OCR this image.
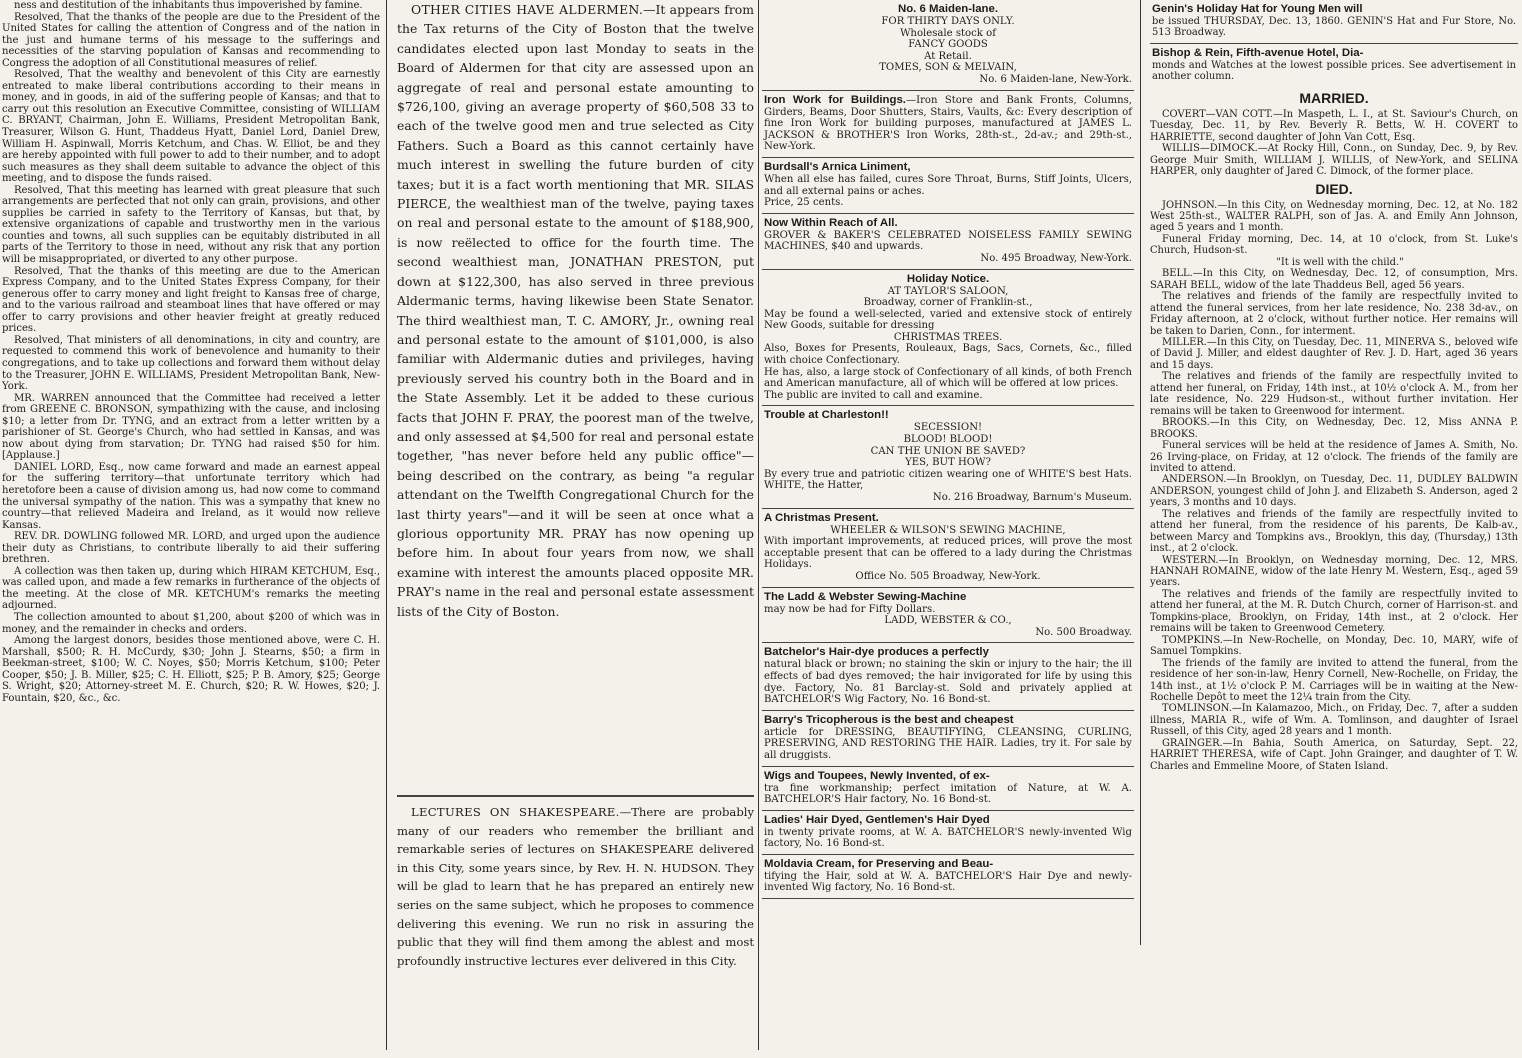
ness and destitution of the inhabitants thus impoverished by famine.

Resolved, That the thanks of the people are due to the President of the United States for calling the attention of Congress and of the nation in the just and humane terms of his message to the sufferings and necessities of the starving population of Kansas and recommending to Congress the adoption of all Constitutional measures of relief.

Resolved, That the wealthy and benevolent of this City are earnestly entreated to make liberal contributions according to their means in money, and in goods, in aid of the suffering people of Kansas; and that to carry out this resolution an Executive Committee, consisting of WILLIAM C. BRYANT, Chairman, John E. Williams, President Metropolitan Bank, Treasurer, Wilson G. Hunt, Thaddeus Hyatt, Daniel Lord, Daniel Drew, William H. Aspinwall, Morris Ketchum, and Chas. W. Elliot, be and they are hereby appointed with full power to add to their number, and to adopt such measures as they shall deem suitable to advance the object of this meeting, and to dispose the funds raised.

Resolved, That this meeting has learned with great pleasure that such arrangements are perfected that not only can grain, provisions, and other supplies be carried in safety to the Territory of Kansas, but that, by extensive organizations of capable and trustworthy men in the various counties and towns, all such supplies can be equitably distributed in all parts of the Territory to those in need, without any risk that any portion will be misappropriated, or diverted to any other purpose.

Resolved, That the thanks of this meeting are due to the American Express Company, and to the United States Express Company, for their generous offer to carry money and light freight to Kansas free of charge, and to the various railroad and steamboat lines that have offered or may offer to carry provisions and other heavier freight at greatly reduced prices.

Resolved, That ministers of all denominations, in city and country, are requested to commend this work of benevolence and humanity to their congregations, and to take up collections and forward them without delay to the Treasurer, JOHN E. WILLIAMS, President Metropolitan Bank, New-York.

MR. WARREN announced that the Committee had received a letter from GREENE C. BRONSON, sympathizing with the cause, and inclosing $10; a letter from Dr. TYNG, and an extract from a letter written by a parishioner of St. George's Church, who had settled in Kansas, and was now about dying from starvation; Dr. TYNG had raised $50 for him. [Applause.]

DANIEL LORD, Esq., now came forward and made an earnest appeal for the suffering territory—that unfortunate territory which had heretofore been a cause of division among us, had now come to command the universal sympathy of the nation. This was a sympathy that knew no country—that relieved Madeira and Ireland, as it would now relieve Kansas.

REV. DR. DOWLING followed MR. LORD, and urged upon the audience their duty as Christians, to contribute liberally to aid their suffering brethren.

A collection was then taken up, during which HIRAM KETCHUM, Esq., was called upon, and made a few remarks in furtherance of the objects of the meeting. At the close of MR. KETCHUM's remarks the meeting adjourned.

The collection amounted to about $1,200, about $200 of which was in money, and the remainder in checks and orders.

Among the largest donors, besides those mentioned above, were C. H. Marshall, $500; R. H. McCurdy, $30; John J. Stearns, $50; a firm in Beekman-street, $100; W. C. Noyes, $50; Morris Ketchum, $100; Peter Cooper, $50; J. B. Miller, $25; C. H. Elliott, $25; P. B. Amory, $25; George S. Wright, $20; Attorney-street M. E. Church, $20; R. W. Howes, $20; J. Fountain, $20, &c., &c.

OTHER CITIES HAVE ALDERMEN.—It appears from the Tax returns of the City of Boston that the twelve candidates elected upon last Monday to seats in the Board of Aldermen for that city are assessed upon an aggregate of real and personal estate amounting to $726,100, giving an average property of $60,508 33 to each of the twelve good men and true selected as City Fathers. Such a Board as this cannot certainly have much interest in swelling the future burden of city taxes; but it is a fact worth mentioning that MR. SILAS PIERCE, the wealthiest man of the twelve, paying taxes on real and personal estate to the amount of $188,900, is now reëlected to office for the fourth time. The second wealthiest man, JONATHAN PRESTON, put down at $122,300, has also served in three previous Aldermanic terms, having likewise been State Senator. The third wealthiest man, T. C. AMORY, Jr., owning real and personal estate to the amount of $101,000, is also familiar with Aldermanic duties and privileges, having previously served his country both in the Board and in the State Assembly. Let it be added to these curious facts that JOHN F. PRAY, the poorest man of the twelve, and only assessed at $4,500 for real and personal estate together, "has never before held any public office"—being described on the contrary, as being "a regular attendant on the Twelfth Congregational Church for the last thirty years"—and it will be seen at once what a glorious opportunity MR. PRAY has now opening up before him. In about four years from now, we shall examine with interest the amounts placed opposite MR. PRAY's name in the real and personal estate assessment lists of the City of Boston.

LECTURES ON SHAKESPEARE.—There are probably many of our readers who remember the brilliant and remarkable series of lectures on SHAKESPEARE delivered in this City, some years since, by Rev. H. N. HUDSON. They will be glad to learn that he has prepared an entirely new series on the same subject, which he proposes to commence delivering this evening. We run no risk in assuring the public that they will find them among the ablest and most profoundly instructive lectures ever delivered in this City.

No. 6 Maiden-lane.
FOR THIRTY DAYS ONLY.
Wholesale stock of
FANCY GOODS
At Retail.
TOMES, SON & MELVAIN,
No. 6 Maiden-lane, New-York.

Iron Work for Buildings.—Iron Store and Bank Fronts, Columns, Girders, Beams, Door Shutters, Stairs, Vaults, &c: Every description of fine Iron Work for building purposes, manufactured at JAMES L. JACKSON & BROTHER'S Iron Works, 28th-st., 2d-av.; and 29th-st., New-York.

Burdsall's Arnica Liniment,

When all else has failed, cures Sore Throat, Burns, Stiff Joints, Ulcers, and all external pains or aches.

Price, 25 cents.
Now Within Reach of All.

GROVER & BAKER'S CELEBRATED NOISELESS FAMILY SEWING MACHINES, $40 and upwards.

No. 495 Broadway, New-York.
Holiday Notice.
AT TAYLOR'S SALOON,
Broadway, corner of Franklin-st.,

May be found a well-selected, varied and extensive stock of entirely New Goods, suitable for dressing

CHRISTMAS TREES.

Also, Boxes for Presents, Rouleaux, Bags, Sacs, Cornets, &c., filled with choice Confectionary.

He has, also, a large stock of Confectionary of all kinds, of both French and American manufacture, all of which will be offered at low prices.

The public are invited to call and examine.

Trouble at Charleston!!
SECESSION!
BLOOD! BLOOD!
CAN THE UNION BE SAVED?
YES, BUT HOW?

By every true and patriotic citizen wearing one of WHITE'S best Hats. WHITE, the Hatter,

No. 216 Broadway, Barnum's Museum.
A Christmas Present.
WHEELER & WILSON'S SEWING MACHINE,

With important improvements, at reduced prices, will prove the most acceptable present that can be offered to a lady during the Christmas Holidays.

Office No. 505 Broadway, New-York.
The Ladd & Webster Sewing-Machine
may now be had for Fifty Dollars.
LADD, WEBSTER & CO.,
No. 500 Broadway.
Batchelor's Hair-dye produces a perfectly

natural black or brown; no staining the skin or injury to the hair; the ill effects of bad dyes removed; the hair invigorated for life by using this dye. Factory, No. 81 Barclay-st. Sold and privately applied at BATCHELOR'S Wig Factory, No. 16 Bond-st.

Barry's Tricopherous is the best and cheapest

article for DRESSING, BEAUTIFYING, CLEANSING, CURLING, PRESERVING, AND RESTORING THE HAIR. Ladies, try it. For sale by all druggists.

Wigs and Toupees, Newly Invented, of ex-

tra fine workmanship; perfect imitation of Nature, at W. A. BATCHELOR'S Hair factory, No. 16 Bond-st.

Ladies' Hair Dyed, Gentlemen's Hair Dyed

in twenty private rooms, at W. A. BATCHELOR'S newly-invented Wig factory, No. 16 Bond-st.

Moldavia Cream, for Preserving and Beau-

tifying the Hair, sold at W. A. BATCHELOR'S Hair Dye and newly-invented Wig factory, No. 16 Bond-st.

Genin's Holiday Hat for Young Men will

be issued THURSDAY, Dec. 13, 1860. GENIN'S Hat and Fur Store, No. 513 Broadway.

Bishop & Rein, Fifth-avenue Hotel, Dia-

monds and Watches at the lowest possible prices. See advertisement in another column.

MARRIED.

COVERT—VAN COTT.—In Maspeth, L. I., at St. Saviour's Church, on Tuesday, Dec. 11, by Rev. Beverly R. Betts, W. H. COVERT to HARRIETTE, second daughter of John Van Cott, Esq.

WILLIS—DIMOCK.—At Rocky Hill, Conn., on Sunday, Dec. 9, by Rev. George Muir Smith, WILLIAM J. WILLIS, of New-York, and SELINA HARPER, only daughter of Jared C. Dimock, of the former place.

DIED.

JOHNSON.—In this City, on Wednesday morning, Dec. 12, at No. 182 West 25th-st., WALTER RALPH, son of Jas. A. and Emily Ann Johnson, aged 5 years and 1 month.

Funeral Friday morning, Dec. 14, at 10 o'clock, from St. Luke's Church, Hudson-st.

"It is well with the child."

BELL.—In this City, on Wednesday, Dec. 12, of consumption, Mrs. SARAH BELL, widow of the late Thaddeus Bell, aged 56 years.

The relatives and friends of the family are respectfully invited to attend the funeral services, from her late residence, No. 238 3d-av., on Friday afternoon, at 2 o'clock, without further notice. Her remains will be taken to Darien, Conn., for interment.

MILLER.—In this City, on Tuesday, Dec. 11, MINERVA S., beloved wife of David J. Miller, and eldest daughter of Rev. J. D. Hart, aged 36 years and 15 days.

The relatives and friends of the family are respectfully invited to attend her funeral, on Friday, 14th inst., at 10½ o'clock A. M., from her late residence, No. 229 Hudson-st., without further invitation. Her remains will be taken to Greenwood for interment.

BROOKS.—In this City, on Wednesday, Dec. 12, Miss ANNA P. BROOKS.

Funeral services will be held at the residence of James A. Smith, No. 26 Irving-place, on Friday, at 12 o'clock. The friends of the family are invited to attend.

ANDERSON.—In Brooklyn, on Tuesday, Dec. 11, DUDLEY BALDWIN ANDERSON, youngest child of John J. and Elizabeth S. Anderson, aged 2 years, 3 months and 10 days.

The relatives and friends of the family are respectfully invited to attend her funeral, from the residence of his parents, De Kalb-av., between Marcy and Tompkins avs., Brooklyn, this day, (Thursday,) 13th inst., at 2 o'clock.

WESTERN.—In Brooklyn, on Wednesday morning, Dec. 12, MRS. HANNAH ROMAINE, widow of the late Henry M. Western, Esq., aged 59 years.

The relatives and friends of the family are respectfully invited to attend her funeral, at the M. R. Dutch Church, corner of Harrison-st. and Tompkins-place, Brooklyn, on Friday, 14th inst., at 2 o'clock. Her remains will be taken to Greenwood Cemetery.

TOMPKINS.—In New-Rochelle, on Monday, Dec. 10, MARY, wife of Samuel Tompkins.

The friends of the family are invited to attend the funeral, from the residence of her son-in-law, Henry Cornell, New-Rochelle, on Friday, the 14th inst., at 1½ o'clock P. M. Carriages will be in waiting at the New-Rochelle Depôt to meet the 12¼ train from the City.

TOMLINSON.—In Kalamazoo, Mich., on Friday, Dec. 7, after a sudden illness, MARIA R., wife of Wm. A. Tomlinson, and daughter of Israel Russell, of this City, aged 28 years and 1 month.

GRAINGER.—In Bahia, South America, on Saturday, Sept. 22, HARRIET THERESA, wife of Capt. John Grainger, and daughter of T. W. Charles and Emmeline Moore, of Staten Island.
